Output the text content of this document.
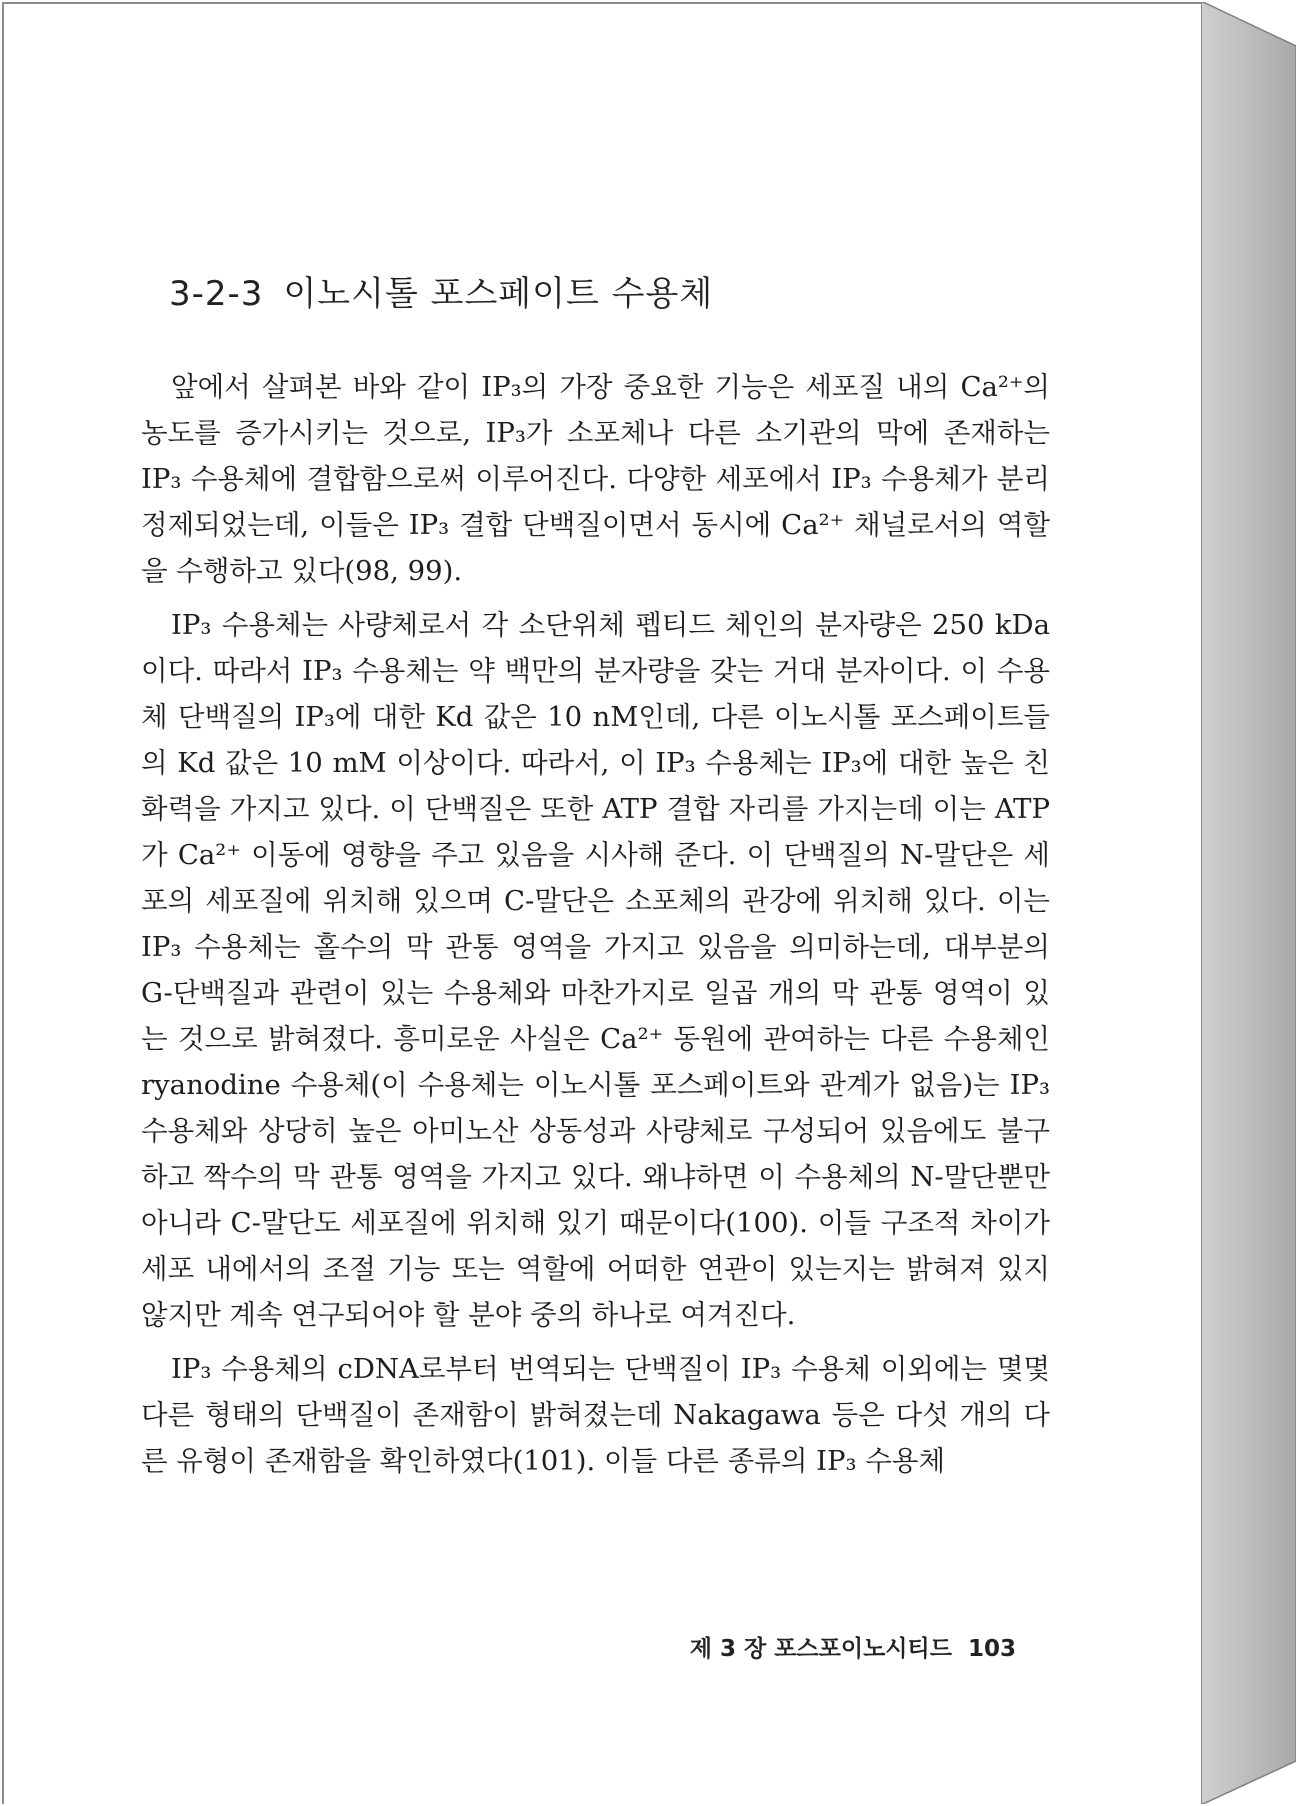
3-2-3 이노시톨 포스페이트 수용체

앞에서 살펴본 바와 같이 IP₃의 가장 중요한 기능은 세포질 내의 Ca²⁺의 농도를 증가시키는 것으로, IP₃가 소포체나 다른 소기관의 막에 존재하는 IP₃ 수용체에 결합함으로써 이루어진다. 다양한 세포에서 IP₃ 수용체가 분리 정제되었는데, 이들은 IP₃ 결합 단백질이면서 동시에 Ca²⁺ 채널로서의 역할을 수행하고 있다(98, 99).

IP₃ 수용체는 사량체로서 각 소단위체 펩티드 체인의 분자량은 250 kDa이다. 따라서 IP₃ 수용체는 약 백만의 분자량을 갖는 거대 분자이다. 이 수용체 단백질의 IP₃에 대한 Kd 값은 10 nM인데, 다른 이노시톨 포스페이트들의 Kd 값은 10 mM 이상이다. 따라서, 이 IP₃ 수용체는 IP₃에 대한 높은 친화력을 가지고 있다. 이 단백질은 또한 ATP 결합 자리를 가지는데 이는 ATP가 Ca²⁺ 이동에 영향을 주고 있음을 시사해 준다. 이 단백질의 N-말단은 세포의 세포질에 위치해 있으며 C-말단은 소포체의 관강에 위치해 있다. 이는 IP₃ 수용체는 홀수의 막 관통 영역을 가지고 있음을 의미하는데, 대부분의 G-단백질과 관련이 있는 수용체와 마찬가지로 일곱 개의 막 관통 영역이 있는 것으로 밝혀졌다. 흥미로운 사실은 Ca²⁺ 동원에 관여하는 다른 수용체인 ryanodine 수용체(이 수용체는 이노시톨 포스페이트와 관계가 없음)는 IP₃ 수용체와 상당히 높은 아미노산 상동성과 사량체로 구성되어 있음에도 불구하고 짝수의 막 관통 영역을 가지고 있다. 왜냐하면 이 수용체의 N-말단뿐만 아니라 C-말단도 세포질에 위치해 있기 때문이다(100). 이들 구조적 차이가 세포 내에서의 조절 기능 또는 역할에 어떠한 연관이 있는지는 밝혀져 있지 않지만 계속 연구되어야 할 분야 중의 하나로 여겨진다.

IP₃ 수용체의 cDNA로부터 번역되는 단백질이 IP₃ 수용체 이외에는 몇몇 다른 형태의 단백질이 존재함이 밝혀졌는데 Nakagawa 등은 다섯 개의 다른 유형이 존재함을 확인하였다(101). 이들 다른 종류의 IP₃ 수용체

제 3 장 포스포이노시티드 103
